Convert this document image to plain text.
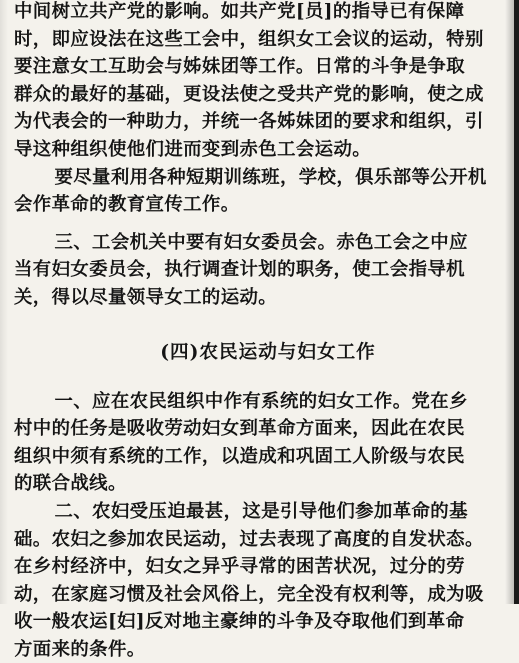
中间树立共产党的影响。如共产党[员]的指导已有保障
时，即应设法在这些工会中，组织女工会议的运动，特别
要注意女工互助会与姊妹团等工作。日常的斗争是争取
群众的最好的基础，更设法使之受共产党的影响，使之成
为代表会的一种助力，并统一各姊妹团的要求和组织，引
导这种组织使他们进而变到赤色工会运动。

要尽量利用各种短期训练班，学校，俱乐部等公开机
会作革命的教育宣传工作。

三、工会机关中要有妇女委员会。赤色工会之中应
当有妇女委员会，执行调查计划的职务，使工会指导机
关，得以尽量领导女工的运动。

(四)农民运动与妇女工作

一、应在农民组织中作有系统的妇女工作。党在乡
村中的任务是吸收劳动妇女到革命方面来，因此在农民
组织中须有系统的工作，以造成和巩固工人阶级与农民
的联合战线。

二、农妇受压迫最甚，这是引导他们参加革命的基
础。农妇之参加农民运动，过去表现了高度的自发状态。
在乡村经济中，妇女之异乎寻常的困苦状况，过分的劳
动，在家庭习惯及社会风俗上，完全没有权利等，成为吸
收一般农运[妇]反对地主豪绅的斗争及夺取他们到革命
方面来的条件。
